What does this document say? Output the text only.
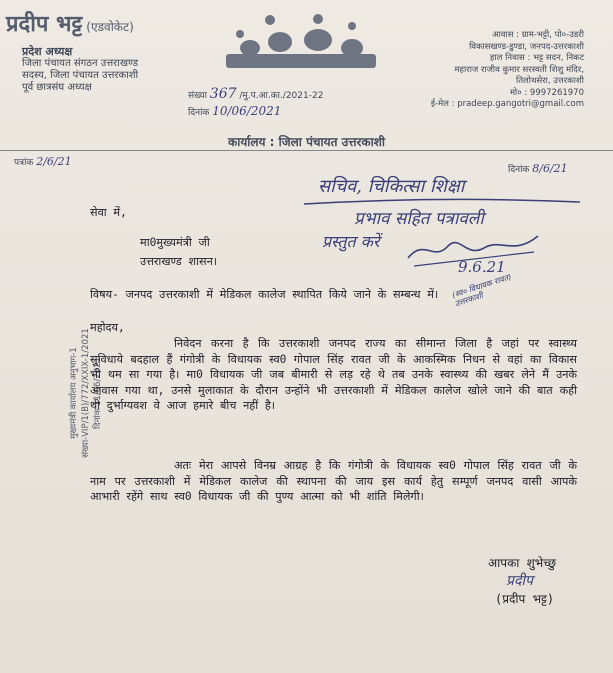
प्रदीप भट्ट (एडवोकेट)
प्रदेश अध्यक्ष
जिला पंचायत संगठन उत्तराखण्ड
सदस्य, जिला पंचायत उत्तरकाशी
पूर्व छात्रसंघ अध्यक्ष
आवास : ग्राम-भट्टी, पो०-उडरी
विकासखण्ड-डुण्डा, जनपद-उत्तरकाशी
हाल निवास : भट्ट सदन, निकट
महाराज राजीव कुमार सरस्वती शिशु मंदिर,
तिलोथसेरा, उत्तरकाशी
मो० : 9997261970
ई-मेल : pradeep.gangotri@gmail.com
संख्या 367 /मु.प.आ.का./2021-22
दिनांक 10/06/2021
कार्यालय : जिला पंचायत उत्तरकाशी
पत्रांक 2/6/21
दिनांक 8/6/21
मुख्यमंत्री कार्यालय अनुभाग-1 संख्या-VIP/1(B)/772/XXIX-1/2021 दिनांक 11/06/2021
सचिव, चिकित्सा शिक्षा
प्रभाव सहित पत्रावली
प्रस्तुत करें
9.6.21
सेवा में,
मा0मुख्यमंत्री जी
उत्तराखण्ड शासन।
विषय- जनपद उत्तरकाशी में मेडिकल कालेज स्थापित किये जाने के सम्बन्ध में। (स्व० विधायक रावत) उत्तरकाशी
महोदय,
निवेदन करना है कि उत्तरकाशी जनपद राज्य का सीमान्त जिला है जहां पर स्वास्थ्य सुविधाये बदहाल हैं गंगोत्री के विधायक स्व0 गोपाल सिंह रावत जी के आकस्मिक निधन से वहां का विकास भी थम सा गया है। मा0 विधायक जी जब बीमारी से लड़ रहे थे तब उनके स्वास्थ्य की खबर लेने मैं उनके आवास गया था, उनसे मुलाकात के दौरान उन्होंने भी उत्तरकाशी में मेडिकल कालेज खोले जाने की बात कही थी दुर्भाग्यवश वे आज हमारे बीच नहीं है।
अतः मेरा आपसे विनम्र आग्रह है कि गंगोत्री के विधायक स्व0 गोपाल सिंह रावत जी के नाम पर उत्तरकाशी में मेडिकल कालेज की स्थापना की जाय इस कार्य हेतु सम्पूर्ण जनपद वासी आपके आभारी रहेंगे साथ स्व0 विधायक जी की पुण्य आत्मा को भी शांति मिलेगी।
आपका शुभेच्छु
प्रदीप
(प्रदीप भट्ट)
